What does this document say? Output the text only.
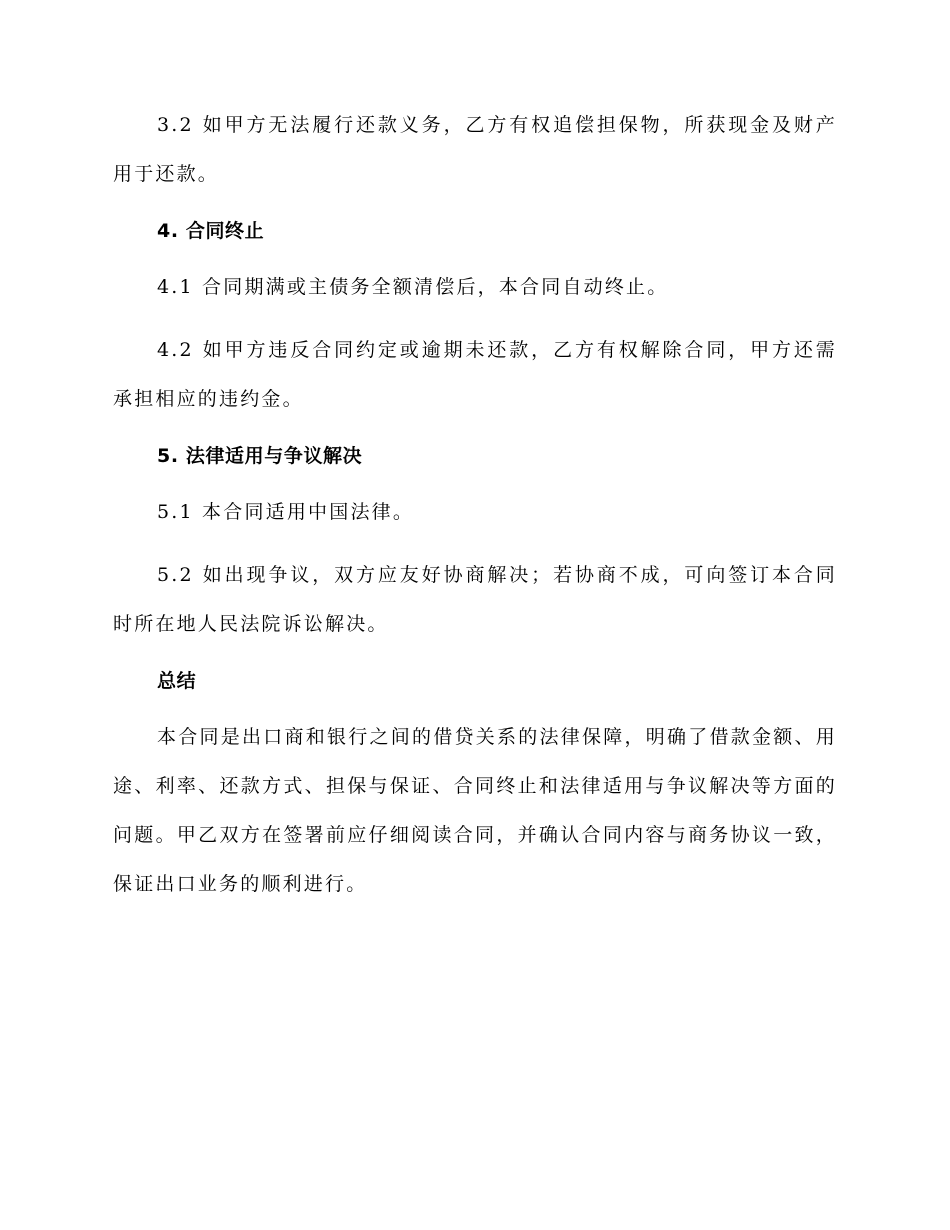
3.2 如甲方无法履行还款义务，乙方有权追偿担保物，所获现金及财产用于还款。

4. 合同终止

4.1 合同期满或主债务全额清偿后，本合同自动终止。

4.2 如甲方违反合同约定或逾期未还款，乙方有权解除合同，甲方还需承担相应的违约金。

5. 法律适用与争议解决

5.1 本合同适用中国法律。

5.2 如出现争议，双方应友好协商解决；若协商不成，可向签订本合同时所在地人民法院诉讼解决。

总结

本合同是出口商和银行之间的借贷关系的法律保障，明确了借款金额、用途、利率、还款方式、担保与保证、合同终止和法律适用与争议解决等方面的问题。甲乙双方在签署前应仔细阅读合同，并确认合同内容与商务协议一致，保证出口业务的顺利进行。
